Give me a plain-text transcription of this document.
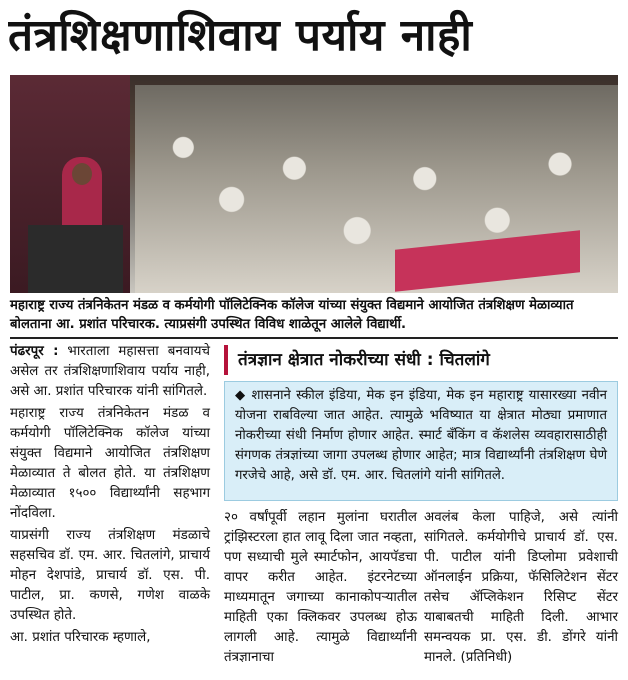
तंत्रशिक्षणाशिवाय पर्याय नाही
महाराष्ट्र राज्य तंत्रनिकेतन मंडळ व कर्मयोगी पॉलिटेक्निक कॉलेज यांच्या संयुक्त विद्यमाने आयोजित तंत्रशिक्षण मेळाव्यात बोलताना आ. प्रशांत परिचारक. त्याप्रसंगी उपस्थित विविध शाळेतून आलेले विद्यार्थी.

पंढरपूर : भारताला महासत्ता बनवायचे असेल तर तंत्रशिक्षणाशिवाय पर्याय नाही, असे आ. प्रशांत परिचारक यांनी सांगितले.

महाराष्ट्र राज्य तंत्रनिकेतन मंडळ व कर्मयोगी पॉलिटेक्निक कॉलेज यांच्या संयुक्त विद्यमाने आयोजित तंत्रशिक्षण मेळाव्यात ते बोलत होते. या तंत्रशिक्षण मेळाव्यात १५०० विद्यार्थ्यांनी सहभाग नोंदविला.

याप्रसंगी राज्य तंत्रशिक्षण मंडळाचे सहसचिव डॉ. एम. आर. चितलांगे, प्राचार्य मोहन देशपांडे, प्राचार्य डॉ. एस. पी. पाटील, प्रा. कणसे, गणेश वाळके उपस्थित होते.

आ. प्रशांत परिचारक म्हणाले,

तंत्रज्ञान क्षेत्रात नोकरीच्या संधी : चितलांगे
◆ शासनाने स्कील इंडिया, मेक इन इंडिया, मेक इन महाराष्ट्र यासारख्या नवीन योजना राबविल्या जात आहेत. त्यामुळे भविष्यात या क्षेत्रात मोठ्या प्रमाणात नोकरीच्या संधी निर्माण होणार आहेत. स्मार्ट बँकिंग व कॅशलेस व्यवहारासाठीही संगणक तंत्रज्ञांच्या जागा उपलब्ध होणार आहेत; मात्र विद्यार्थ्यांनी तंत्रशिक्षण घेणे गरजेचे आहे, असे डॉ. एम. आर. चितलांगे यांनी सांगितले.
२० वर्षांपूर्वी लहान मुलांना घरातील ट्रांझिस्टरला हात लावू दिला जात नव्हता, पण सध्याची मुले स्मार्टफोन, आयपॅडचा वापर करीत आहेत. इंटरनेटच्या माध्यमातून जगाच्या कानाकोपऱ्यातील माहिती एका क्लिकवर उपलब्ध होऊ लागली आहे. त्यामुळे विद्यार्थ्यांनी तंत्रज्ञानाचा
अवलंब केला पाहिजे, असे त्यांनी सांगितले. कर्मयोगीचे प्राचार्य डॉ. एस. पी. पाटील यांनी डिप्लोमा प्रवेशाची ऑनलाईन प्रक्रिया, फॅसिलिटेशन सेंटर तसेच ॲप्लिकेशन रिसिप्ट सेंटर याबाबतची माहिती दिली. आभार समन्वयक प्रा. एस. डी. डोंगरे यांनी मानले. (प्रतिनिधी)
